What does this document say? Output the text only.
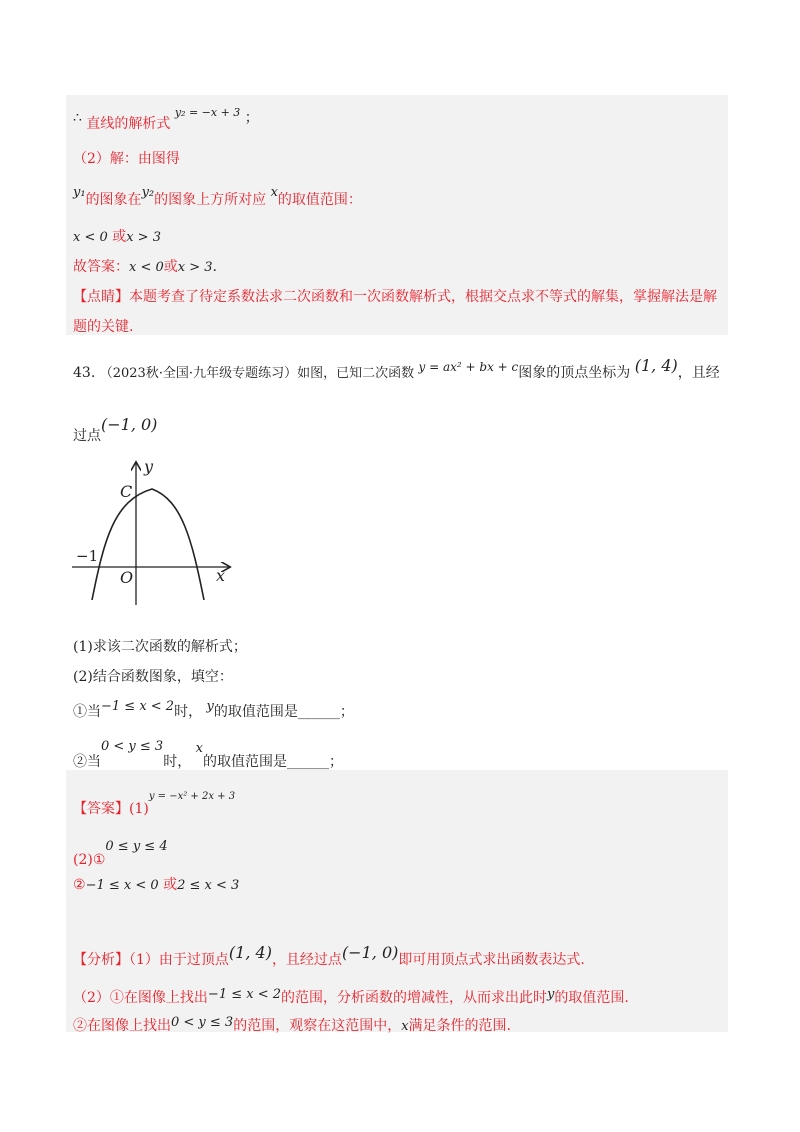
∴ 直线的解析式 $^{y_2 = -x + 3}$ ；
（2）解：由图得
y₁的图象在y₂的图象上方所对应 x的取值范围：
x < 0 或x > 3
故答案：x < 0或x > 3.
【点睛】本题考查了待定系数法求二次函数和一次函数解析式，根据交点求不等式的解集，掌握解法是解
题的关键.
43. （2023秋·全国·九年级专题练习）如图，已知二次函数 y = ax² + bx + c图象的顶点坐标为 (1, 4)，且经
过点(−1, 0)
y
x
C
O
−1
(1)求该二次函数的解析式；
(2)结合函数图象，填空：
①当−1 ≤ x < 2时， y的取值范围是______；
②当0 < y ≤ 3时， x的取值范围是______；
【答案】$(1)^{y = -x^2 + 2x + 3}$
(2)①0 ≤ y ≤ 4
②−1 ≤ x < 0 或2 ≤ x < 3
【分析】（1）由于过顶点(1, 4)，且经过点(−1, 0)即可用顶点式求出函数表达式.
（2）①在图像上找出−1 ≤ x < 2的范围，分析函数的增减性，从而求出此时y的取值范围.
②在图像上找出0 < y ≤ 3的范围，观察在这范围中，x满足条件的范围.
